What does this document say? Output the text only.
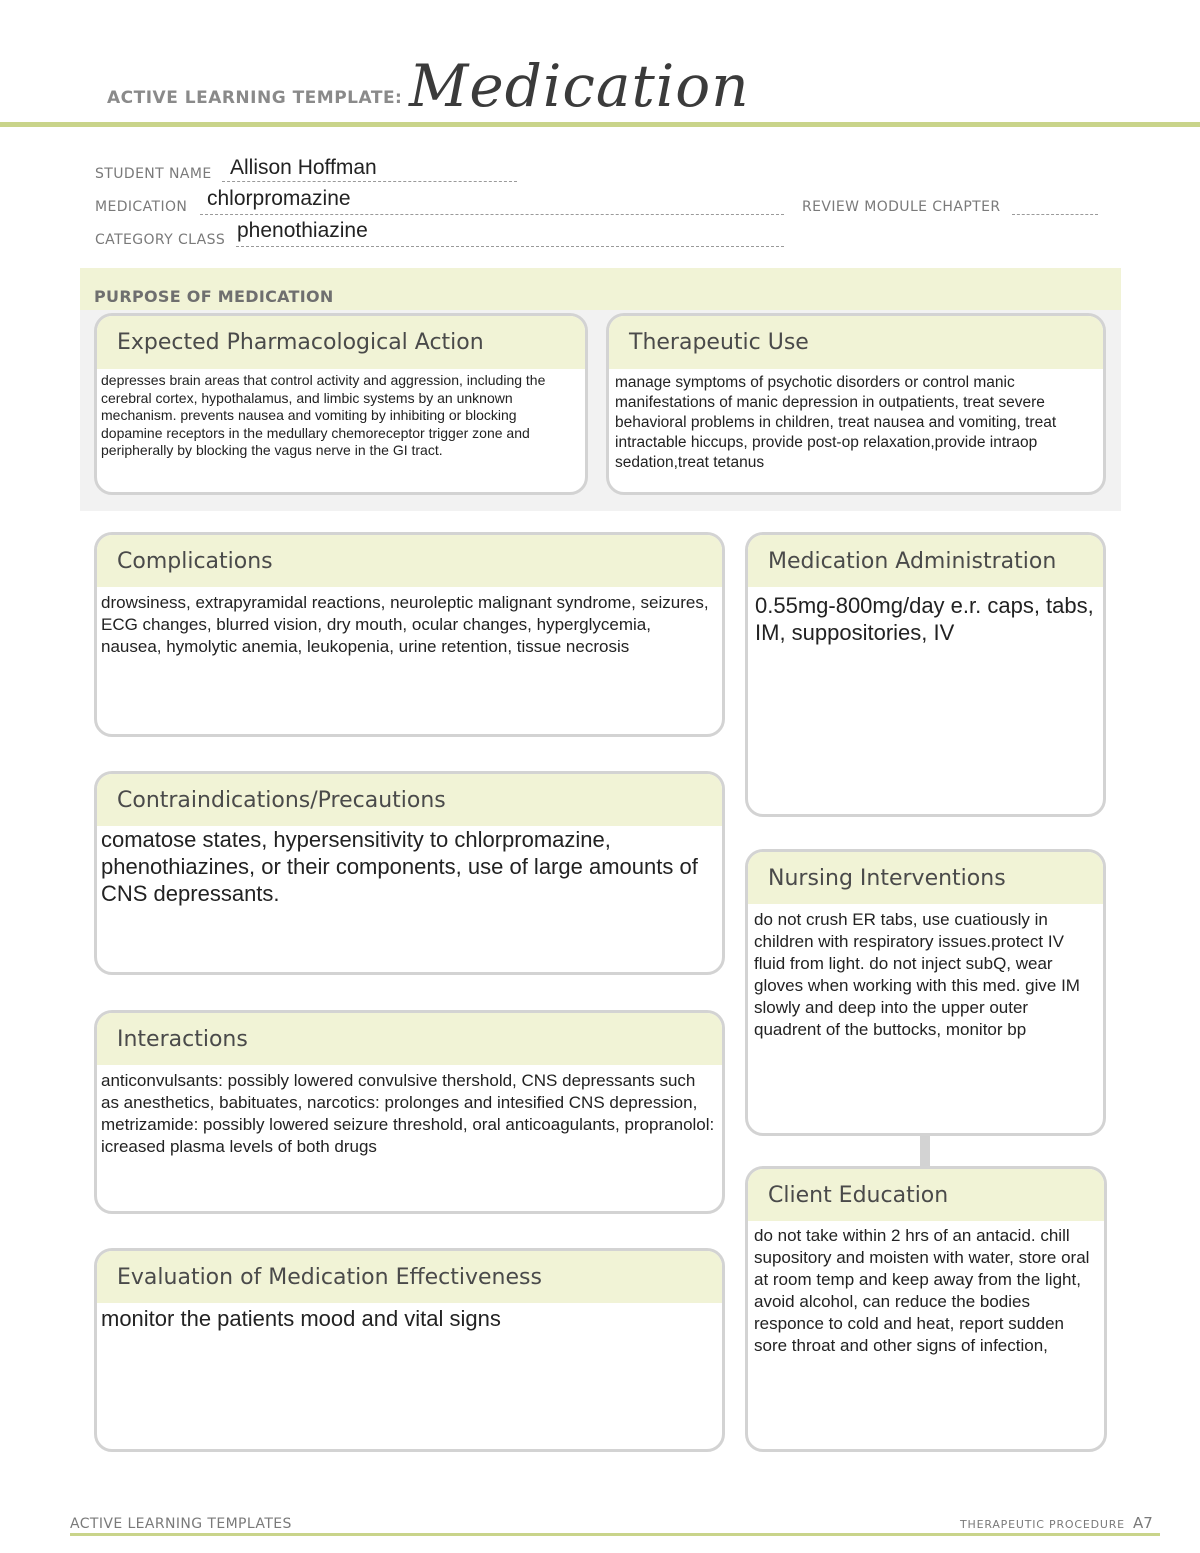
ACTIVE LEARNING TEMPLATE: Medication
STUDENT NAME Allison Hoffman
MEDICATION chlorpromazine	REVIEW MODULE CHAPTER
CATEGORY CLASS phenothiazine
PURPOSE OF MEDICATION
Expected Pharmacological Action
depresses brain areas that control activity and aggression, including the cerebral cortex, hypothalamus, and limbic systems by an unknown mechanism. prevents nausea and vomiting by inhibiting or blocking dopamine receptors in the medullary chemoreceptor trigger zone and peripherally by blocking the vagus nerve in the GI tract.
Therapeutic Use
manage symptoms of psychotic disorders or control manic manifestations of manic depression in outpatients, treat severe behavioral problems in children, treat nausea and vomiting, treat intractable hiccups, provide post-op relaxation,provide intraop sedation,treat tetanus
Complications
drowsiness, extrapyramidal reactions, neuroleptic malignant syndrome, seizures, ECG changes, blurred vision, dry mouth, ocular changes, hyperglycemia, nausea, hymolytic anemia, leukopenia, urine retention, tissue necrosis
Medication Administration
0.55mg-800mg/day e.r. caps, tabs, IM, suppositories, IV
Contraindications/Precautions
comatose states, hypersensitivity to chlorpromazine, phenothiazines, or their components, use of large amounts of CNS depressants.
Nursing Interventions
do not crush ER tabs, use cuatiously in children with respiratory issues.protect IV fluid from light. do not inject subQ, wear gloves when working with this med. give IM slowly and deep into the upper outer quadrent of the buttocks, monitor bp
Interactions
anticonvulsants: possibly lowered convulsive thershold, CNS depressants such as anesthetics, babituates, narcotics: prolonges and intesified CNS depression, metrizamide: possibly lowered seizure threshold, oral anticoagulants, propranolol: icreased plasma levels of both drugs
Client Education
do not take within 2 hrs of an antacid. chill supository and moisten with water, store oral at room temp and keep away from the light, avoid alcohol, can reduce the bodies responce to cold and heat, report sudden sore throat and other signs of infection,
Evaluation of Medication Effectiveness
monitor the patients mood and vital signs
ACTIVE LEARNING TEMPLATES	THERAPEUTIC PROCEDURE A7
